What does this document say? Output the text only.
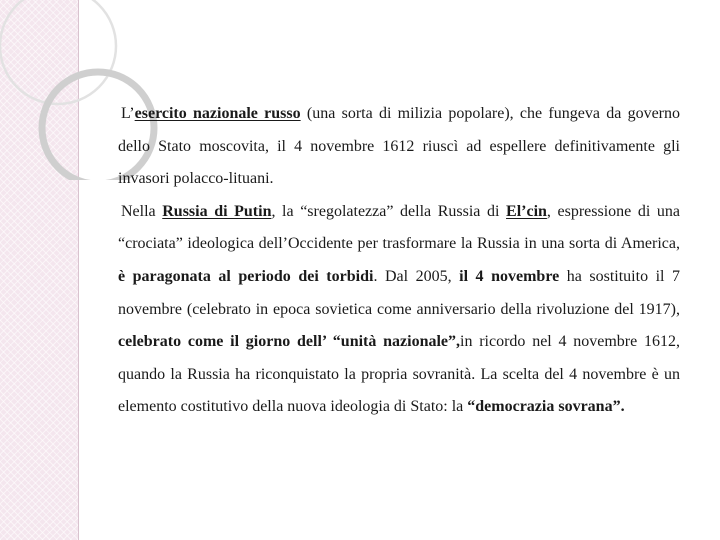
L’esercito nazionale russo (una sorta di milizia popolare), che fungeva da governo dello Stato moscovita, il 4 novembre 1612 riuscì ad espellere definitivamente gli invasori polacco-lituani.

Nella Russia di Putin, la “sregolatezza” della Russia di El’cin, espressione di una “crociata” ideologica dell’Occidente per trasformare la Russia in una sorta di America, è paragonata al periodo dei torbidi. Dal 2005, il 4 novembre ha sostituito il 7 novembre (celebrato in epoca sovietica come anniversario della rivoluzione del 1917), celebrato come il giorno dell’ “unità nazionale”,in ricordo nel 4 novembre 1612, quando la Russia ha riconquistato la propria sovranità. La scelta del 4 novembre è un elemento costitutivo della nuova ideologia di Stato: la “democrazia sovrana”.
